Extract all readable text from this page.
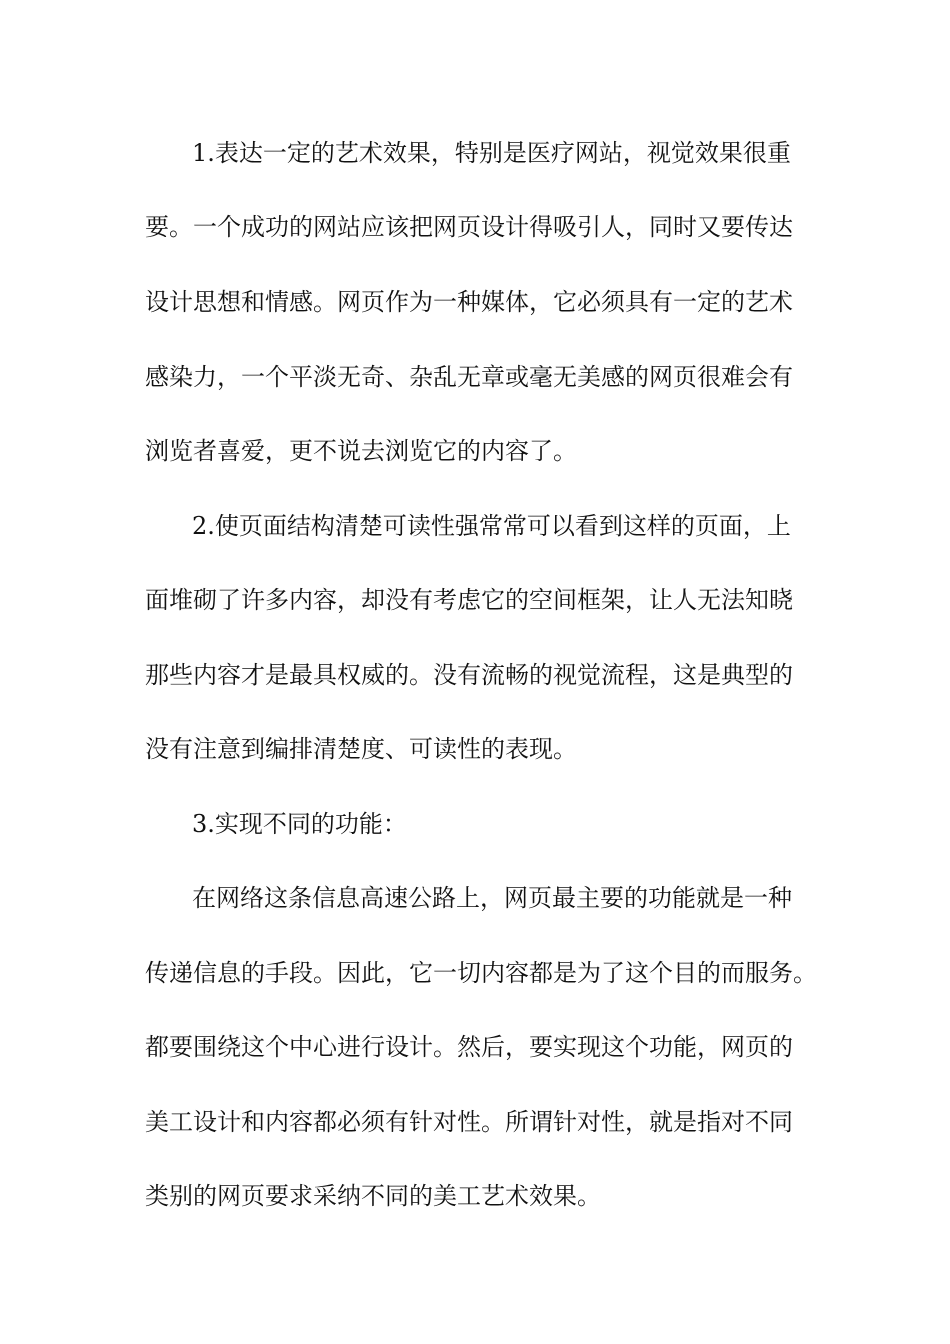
1.表达一定的艺术效果，特别是医疗网站，视觉效果很重
要。一个成功的网站应该把网页设计得吸引人，同时又要传达
设计思想和情感。网页作为一种媒体，它必须具有一定的艺术
感染力，一个平淡无奇、杂乱无章或毫无美感的网页很难会有
浏览者喜爱，更不说去浏览它的内容了。
2.使页面结构清楚可读性强常常可以看到这样的页面，上
面堆砌了许多内容，却没有考虑它的空间框架，让人无法知晓
那些内容才是最具权威的。没有流畅的视觉流程，这是典型的
没有注意到编排清楚度、可读性的表现。
3.实现不同的功能：
在网络这条信息高速公路上，网页最主要的功能就是一种
传递信息的手段。因此，它一切内容都是为了这个目的而服务。
都要围绕这个中心进行设计。然后，要实现这个功能，网页的
美工设计和内容都必须有针对性。所谓针对性，就是指对不同
类别的网页要求采纳不同的美工艺术效果。
